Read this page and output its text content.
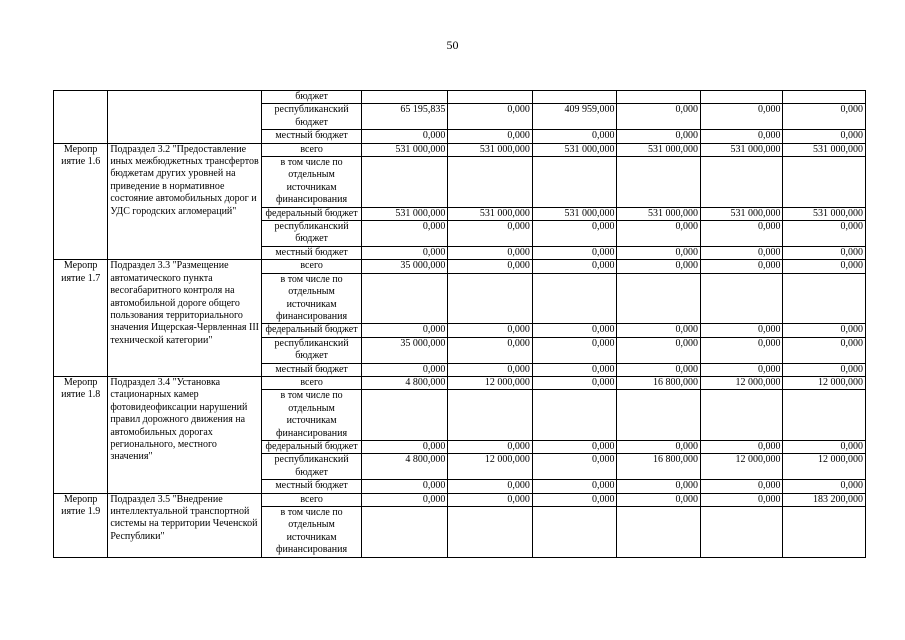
50
		бюджет						
		республиканский бюджет	65 195,835	0,000	409 959,000	0,000	0,000	0,000
		местный бюджет	0,000	0,000	0,000	0,000	0,000	0,000
Меропр иятие 1.6	Подраздел 3.2 "Предоставление иных межбюджетных трансфертов бюджетам других уровней на приведение в нормативное состояние автомобильных дорог и УДС городских агломераций"	всего	531 000,000	531 000,000	531 000,000	531 000,000	531 000,000	531 000,000
		в том числе по отдельным источникам финансирования						
		федеральный бюджет	531 000,000	531 000,000	531 000,000	531 000,000	531 000,000	531 000,000
		республиканский бюджет	0,000	0,000	0,000	0,000	0,000	0,000
		местный бюджет	0,000	0,000	0,000	0,000	0,000	0,000
Меропр иятие 1.7	Подраздел 3.3 "Размещение автоматического пункта весогабаритного контроля на автомобильной дороге общего пользования территориального значения Ищерская-Червленная III технической категории"	всего	35 000,000	0,000	0,000	0,000	0,000	0,000
		в том числе по отдельным источникам финансирования						
		федеральный бюджет	0,000	0,000	0,000	0,000	0,000	0,000
		республиканский бюджет	35 000,000	0,000	0,000	0,000	0,000	0,000
		местный бюджет	0,000	0,000	0,000	0,000	0,000	0,000
Меропр иятие 1.8	Подраздел 3.4 "Установка стационарных камер фотовидеофиксации нарушений правил дорожного движения на автомобильных дорогах регионального, местного значения"	всего	4 800,000	12 000,000	0,000	16 800,000	12 000,000	12 000,000
		в том числе по отдельным источникам финансирования						
		федеральный бюджет	0,000	0,000	0,000	0,000	0,000	0,000
		республиканский бюджет	4 800,000	12 000,000	0,000	16 800,000	12 000,000	12 000,000
		местный бюджет	0,000	0,000	0,000	0,000	0,000	0,000
Меропр иятие 1.9	Подраздел 3.5 "Внедрение интеллектуальной транспортной системы на территории Чеченской Республики"	всего	0,000	0,000	0,000	0,000	0,000	183 200,000
		в том числе по отдельным источникам финансирования						
